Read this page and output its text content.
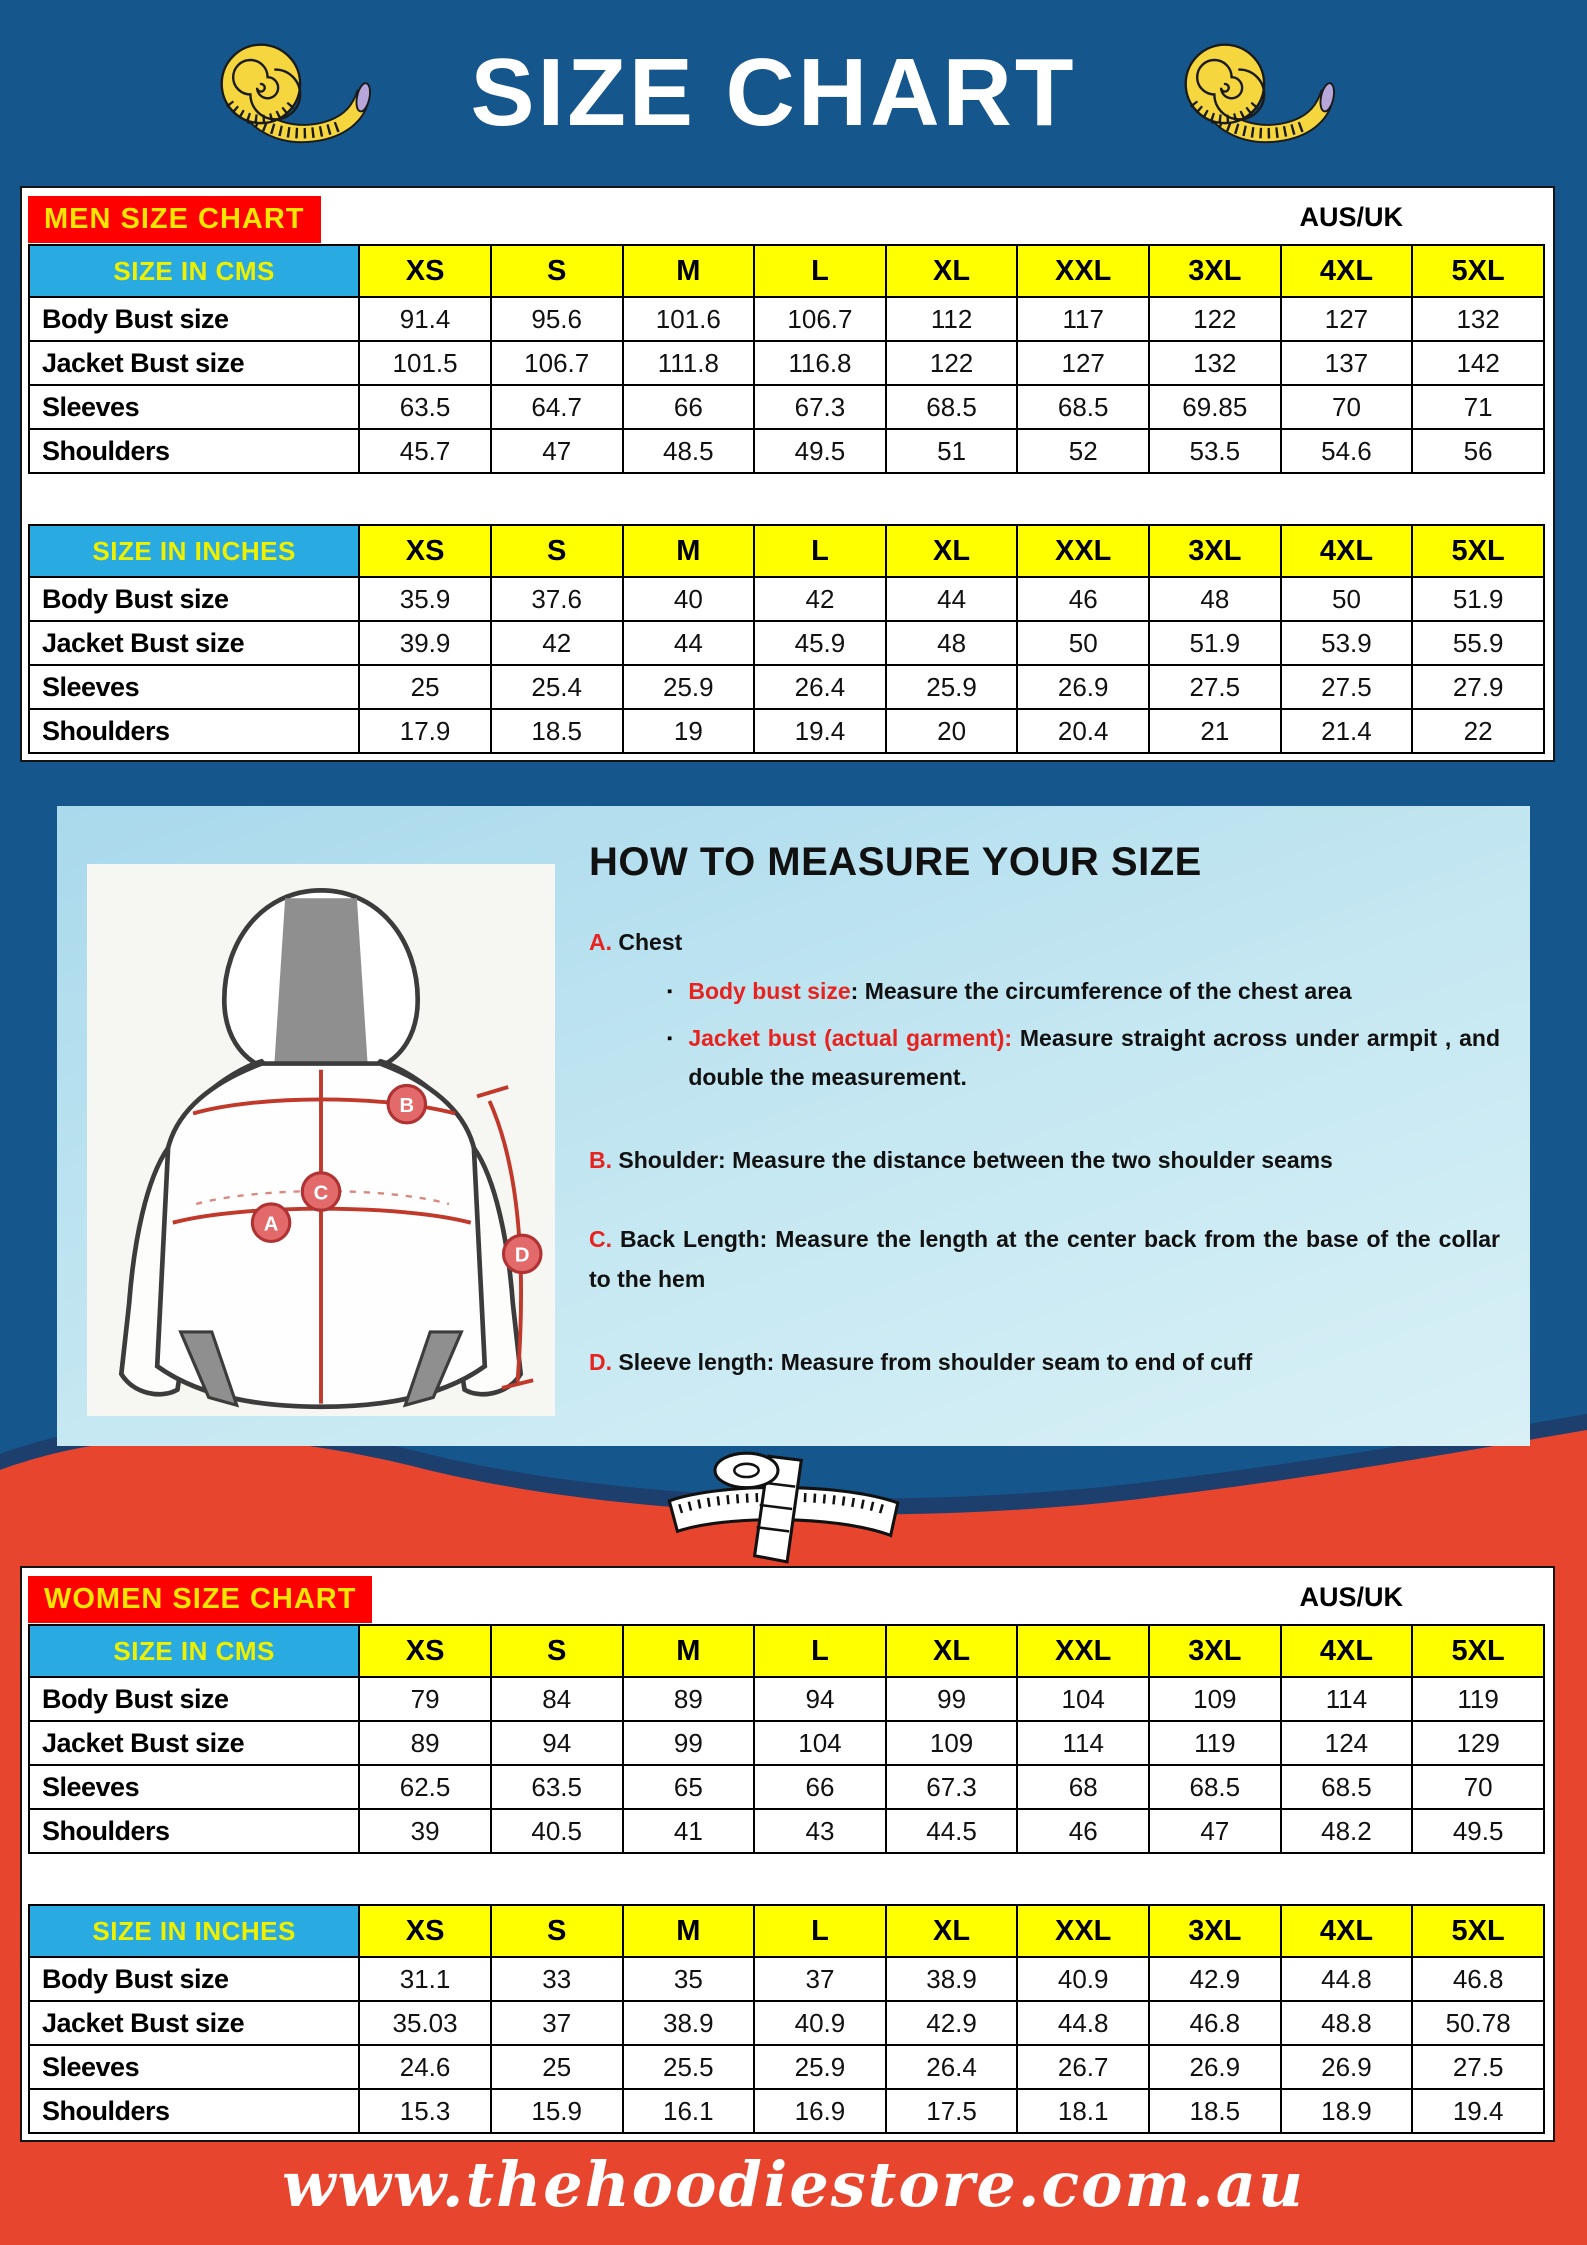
SIZE CHART
MEN SIZE CHART	AUS/UK
SIZE IN CMS	XS	S	M	L	XL	XXL	3XL	4XL	5XL
Body Bust size	91.4	95.6	101.6	106.7	112	117	122	127	132
Jacket Bust size	101.5	106.7	111.8	116.8	122	127	132	137	142
Sleeves	63.5	64.7	66	67.3	68.5	68.5	69.85	70	71
Shoulders	45.7	47	48.5	49.5	51	52	53.5	54.6	56
SIZE IN INCHES	XS	S	M	L	XL	XXL	3XL	4XL	5XL
Body Bust size	35.9	37.6	40	42	44	46	48	50	51.9
Jacket Bust size	39.9	42	44	45.9	48	50	51.9	53.9	55.9
Sleeves	25	25.4	25.9	26.4	25.9	26.9	27.5	27.5	27.9
Shoulders	17.9	18.5	19	19.4	20	20.4	21	21.4	22
B
C
A
D
HOW TO MEASURE YOUR SIZE
A. Chest
▪ Body bust size: Measure the circumference of the chest area
▪ Jacket bust (actual garment): Measure straight across under armpit , and double the measurement.
B. Shoulder: Measure the distance between the two shoulder seams
C. Back Length: Measure the length at the center back from the base of the collar to the hem
D. Sleeve length: Measure from shoulder seam to end of cuff
WOMEN SIZE CHART	AUS/UK
SIZE IN CMS	XS	S	M	L	XL	XXL	3XL	4XL	5XL
Body Bust size	79	84	89	94	99	104	109	114	119
Jacket Bust size	89	94	99	104	109	114	119	124	129
Sleeves	62.5	63.5	65	66	67.3	68	68.5	68.5	70
Shoulders	39	40.5	41	43	44.5	46	47	48.2	49.5
SIZE IN INCHES	XS	S	M	L	XL	XXL	3XL	4XL	5XL
Body Bust size	31.1	33	35	37	38.9	40.9	42.9	44.8	46.8
Jacket Bust size	35.03	37	38.9	40.9	42.9	44.8	46.8	48.8	50.78
Sleeves	24.6	25	25.5	25.9	26.4	26.7	26.9	26.9	27.5
Shoulders	15.3	15.9	16.1	16.9	17.5	18.1	18.5	18.9	19.4
www.thehoodiestore.com.au
